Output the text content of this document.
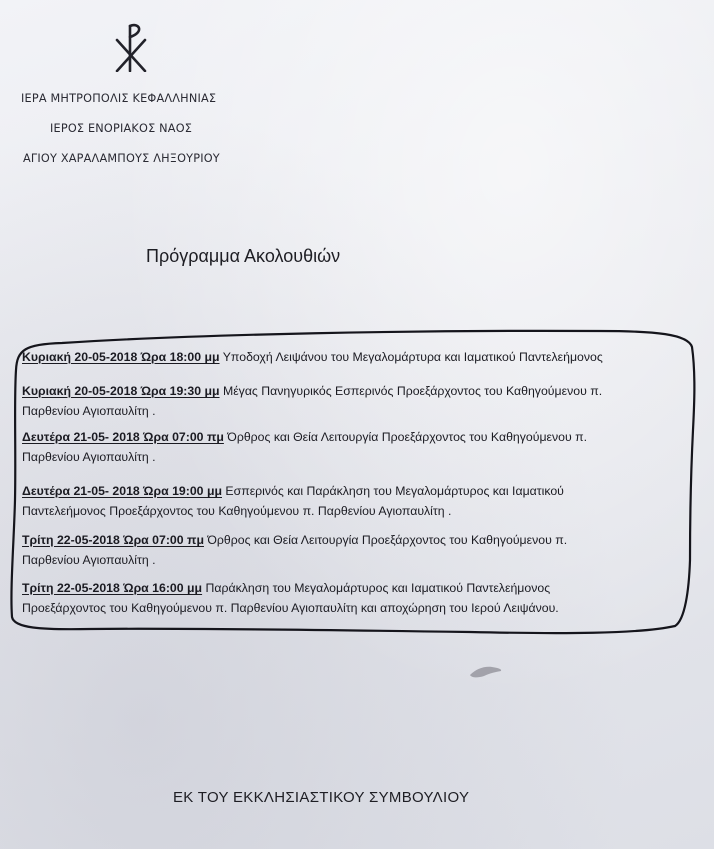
ΙΕΡΑ ΜΗΤΡΟΠΟΛΙΣ ΚΕΦΑΛΛΗΝΙΑΣ
ΙΕΡΟΣ ΕΝΟΡΙΑΚΟΣ ΝΑΟΣ
ΑΓΙΟΥ ΧΑΡΑΛΑΜΠΟΥΣ ΛΗΞΟΥΡΙΟΥ
Πρόγραμμα Ακολουθιών
Κυριακή 20-05-2018 Ώρα 18:00 μμ Υποδοχή Λειψάνου του Μεγαλομάρτυρα και Ιαματικού Παντελεήμονος
Κυριακή 20-05-2018 Ώρα 19:30 μμ Μέγας Πανηγυρικός Εσπερινός Προεξάρχοντος του Καθηγούμενου π.
Παρθενίου Αγιοπαυλίτη .
Δευτέρα 21-05- 2018 Ώρα 07:00 πμ Όρθρος και Θεία Λειτουργία Προεξάρχοντος του Καθηγούμενου π.
Παρθενίου Αγιοπαυλίτη .
Δευτέρα 21-05- 2018 Ώρα 19:00 μμ Εσπερινός και Παράκληση του Μεγαλομάρτυρος και Ιαματικού
Παντελεήμονος Προεξάρχοντος του Καθηγούμενου π. Παρθενίου Αγιοπαυλίτη .
Τρίτη 22-05-2018 Ώρα 07:00 πμ Όρθρος και Θεία Λειτουργία Προεξάρχοντος του Καθηγούμενου π.
Παρθενίου Αγιοπαυλίτη .
Τρίτη 22-05-2018 Ώρα 16:00 μμ Παράκληση του Μεγαλομάρτυρος και Ιαματικού Παντελεήμονος
Προεξάρχοντος του Καθηγούμενου π. Παρθενίου Αγιοπαυλίτη και αποχώρηση του Ιερού Λειψάνου.
ΕΚ ΤΟΥ ΕΚΚΛΗΣΙΑΣΤΙΚΟΥ ΣΥΜΒΟΥΛΙΟΥ
